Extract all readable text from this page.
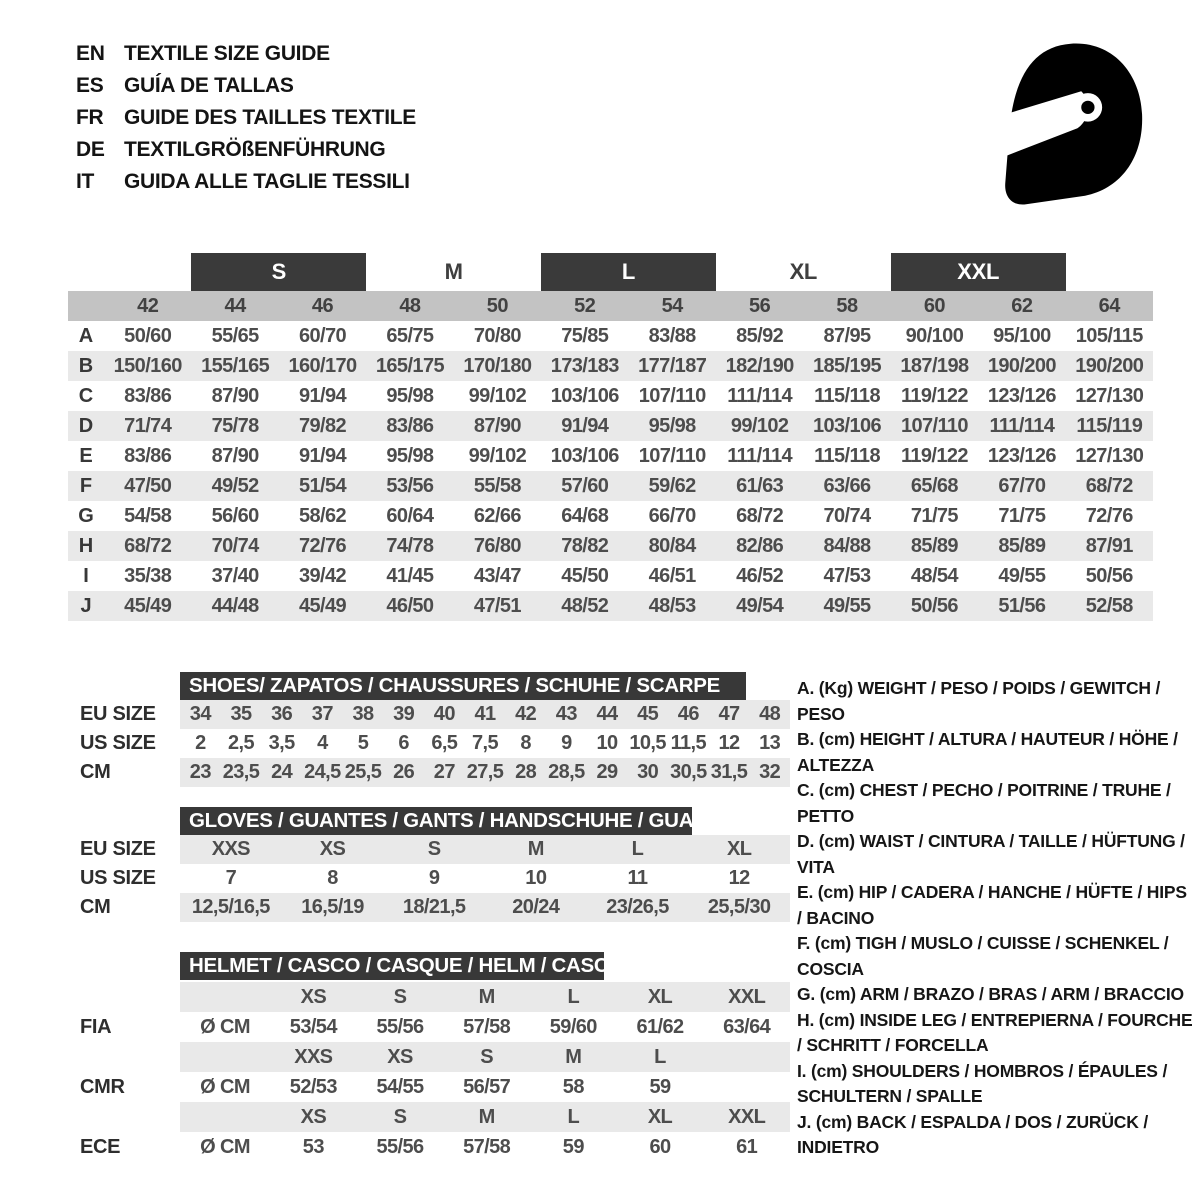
EN TEXTILE SIZE GUIDE
ES GUÍA DE TALLAS
FR GUIDE DES TAILLES TEXTILE
DE TEXTILGRÖßENFÜHRUNG
IT	GUIDA ALLE TAGLIE TESSILI
S	M	L	XL	XXL
42	44	46	48	50	52	54	56	58	60	62	64
A	50/60	55/65	60/70	65/75	70/80	75/85	83/88	85/92	87/95	90/100	95/100	105/115
B	150/160 155/165 160/170 165/175 170/180 173/183 177/187 182/190 185/195 187/198 190/200 190/200
C	83/86	87/90	91/94	95/98	99/102	103/106 107/110	111/114	115/118	119/122 123/126 127/130
D	71/74	75/78	79/82	83/86	87/90	91/94	95/98	99/102	103/106 107/110	111/114	115/119
E	83/86	87/90	91/94	95/98	99/102	103/106 107/110	111/114	115/118	119/122 123/126 127/130
F	47/50	49/52	51/54	53/56	55/58	57/60	59/62	61/63	63/66	65/68	67/70	68/72
G	54/58	56/60	58/62	60/64	62/66	64/68	66/70	68/72	70/74	71/75	71/75	72/76
H	68/72	70/74	72/76	74/78	76/80	78/82	80/84	82/86	84/88	85/89	85/89	87/91
I	35/38	37/40	39/42	41/45	43/47	45/50	46/51	46/52	47/53	48/54	49/55	50/56
J	45/49	44/48	45/49	46/50	47/51	48/52	48/53	49/54	49/55	50/56	51/56	52/58
SHOES/ ZAPATOS / CHAUSSURES / SCHUHE / SCARPE
EU SIZE	34 35 36 37 38 39 40 41 42 43 44 45 46 47 48
US SIZE	2	2,5 3,5	4	5	6	6,5 7,5	8	9	10 10,5 11,5 12 13
CM	23 23,5 24 24,5 25,5 26 27 27,5 28 28,5 29 30 30,5 31,5 32
GLOVES / GUANTES / GANTS / HANDSCHUHE / GUANTI
EU SIZE	XXS	XS	S	M	L	XL
US SIZE	7	8	9	10	11	12
CM	12,5/16,5	16,5/19	18/21,5	20/24	23/26,5	25,5/30
HELMET / CASCO / CASQUE / HELM / CASCO
XS	S	M	L	XL	XXL
FIA	Ø CM	53/54	55/56	57/58	59/60	61/62	63/64
XXS	XS	S	M	L
CMR	Ø CM	52/53	54/55	56/57	58	59
XS	S	M	L	XL	XXL
ECE	Ø CM	53	55/56	57/58	59	60	61
A. (Kg) WEIGHT / PESO / POIDS / GEWITCH / PESO
B. (cm) HEIGHT / ALTURA / HAUTEUR / HÖHE / ALTEZZA
C. (cm) CHEST / PECHO / POITRINE / TRUHE / PETTO
D. (cm) WAIST / CINTURA / TAILLE / HÜFTUNG / VITA
E. (cm) HIP / CADERA / HANCHE / HÜFTE / HIPS / BACINO
F. (cm) TIGH / MUSLO / CUISSE / SCHENKEL / COSCIA
G. (cm) ARM / BRAZO / BRAS / ARM / BRACCIO
H. (cm) INSIDE LEG / ENTREPIERNA / FOURCHE / SCHRITT / FORCELLA
I. (cm) SHOULDERS / HOMBROS / ÉPAULES / SCHULTERN / SPALLE
J. (cm) BACK / ESPALDA / DOS / ZURÜCK / INDIETRO
